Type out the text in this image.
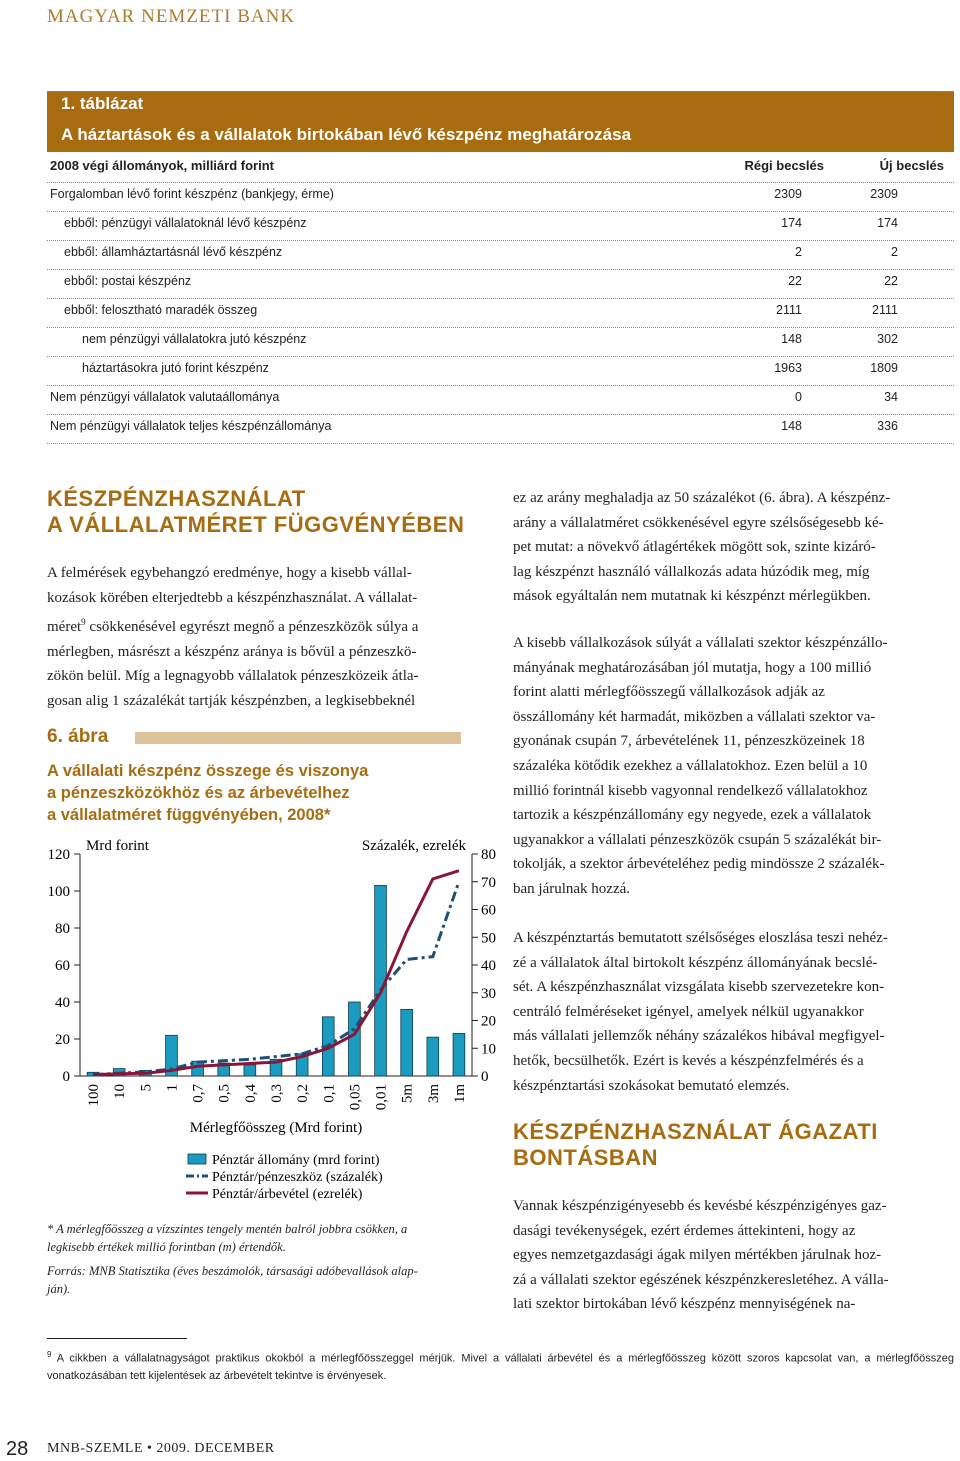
MAGYAR NEMZETI BANK
1. táblázat
A háztartások és a vállalatok birtokában lévő készpénz meghatározása
2008 végi állományok, milliárd forint	Régi becslés	Új becslés
Forgalomban lévő forint készpénz (bankjegy, érme)	2309	2309
ebből: pénzügyi vállalatoknál lévő készpénz	174	174
ebből: államháztartásnál lévő készpénz	2	2
ebből: postai készpénz	22	22
ebből: felosztható maradék összeg	2111	2111
nem pénzügyi vállalatokra jutó készpénz	148	302
háztartásokra jutó forint készpénz	1963	1809
Nem pénzügyi vállalatok valutaállománya	0	34
Nem pénzügyi vállalatok teljes készpénzállománya	148	336
KÉSZPÉNZHASZNÁLAT
A VÁLLALATMÉRET FÜGGVÉNYÉBEN
A felmérések egybehangzó eredménye, hogy a kisebb vállal-
kozások körében elterjedtebb a készpénzhasználat. A vállalat-
méret$^9$ csökkenésével egyrészt megnő a pénzeszközök súlya a
mérlegben, másrészt a készpénz aránya is bővül a pénzeszkö-
zökön belül. Míg a legnagyobb vállalatok pénzeszközeik átla-
gosan alig 1 százalékát tartják készpénzben, a legkisebbeknél
6. ábra
A vállalati készpénz összege és viszonya
a pénzeszközökhöz és az árbevételhez
a vállalatméret függvényében, 2008*
Mrd forint	Százalék, ezrelék
0
20
40
60
80
100
120
0
10
20
30
40
50
60
70
80
100 10 5 1 0,7 0,5 0,4 0,3 0,2 0,1 0,05 0,01 5m 3m 1m
Mérlegfőösszeg (Mrd forint)
Pénztár állomány (mrd forint)
Pénztár/pénzeszköz (százalék)
Pénztár/árbevétel (ezrelék)
* A mérlegfőösszeg a vízszintes tengely mentén balról jobbra csökken, a
legkisebb értékek millió forintban (m) értendők.
Forrás: MNB Statisztika (éves beszámolók, társasági adóbevallások alap-
ján).
ez az arány meghaladja az 50 százalékot (6. ábra). A készpénz-
arány a vállalatméret csökkenésével egyre szélsőségesebb ké-
pet mutat: a növekvő átlagértékek mögött sok, szinte kizáró-
lag készpénzt használó vállalkozás adata húzódik meg, míg
mások egyáltalán nem mutatnak ki készpénzt mérlegükben.
A kisebb vállalkozások súlyát a vállalati szektor készpénzállo-
mányának meghatározásában jól mutatja, hogy a 100 millió
forint alatti mérlegfőösszegű vállalkozások adják az
összállomány két harmadát, miközben a vállalati szektor va-
gyonának csupán 7, árbevételének 11, pénzeszközeinek 18
százaléka kötődik ezekhez a vállalatokhoz. Ezen belül a 10
millió forintnál kisebb vagyonnal rendelkező vállalatokhoz
tartozik a készpénzállomány egy negyede, ezek a vállalatok
ugyanakkor a vállalati pénzeszközök csupán 5 százalékát bir-
tokolják, a szektor árbevételéhez pedig mindössze 2 százalék-
ban járulnak hozzá.
A készpénztartás bemutatott szélsőséges eloszlása teszi nehéz-
zé a vállalatok által birtokolt készpénz állományának becslé-
sét. A készpénzhasználat vizsgálata kisebb szervezetekre kon-
centráló felméréseket igényel, amelyek nélkül ugyanakkor
más vállalati jellemzők néhány százalékos hibával megfigyel-
hetők, becsülhetők. Ezért is kevés a készpénzfelmérés és a
készpénztartási szokásokat bemutató elemzés.
KÉSZPÉNZHASZNÁLAT ÁGAZATI
BONTÁSBAN
Vannak készpénzigényesebb és kevésbé készpénzigényes gaz-
dasági tevékenységek, ezért érdemes áttekinteni, hogy az
egyes nemzetgazdasági ágak milyen mértékben járulnak hoz-
zá a vállalati szektor egészének készpénzkeresletéhez. A válla-
lati szektor birtokában lévő készpénz mennyiségének na-
$^9$ A cikkben a vállalatnagyságot praktikus okokból a mérlegfőösszeggel mérjük. Mivel a vállalati árbevétel és a mérlegfőösszeg között szoros kapcsolat van, a mérlegfőösszeg vonatkozásában tett kijelentések az árbevételt tekintve is érvényesek.
28 MNB-SZEMLE • 2009. DECEMBER
